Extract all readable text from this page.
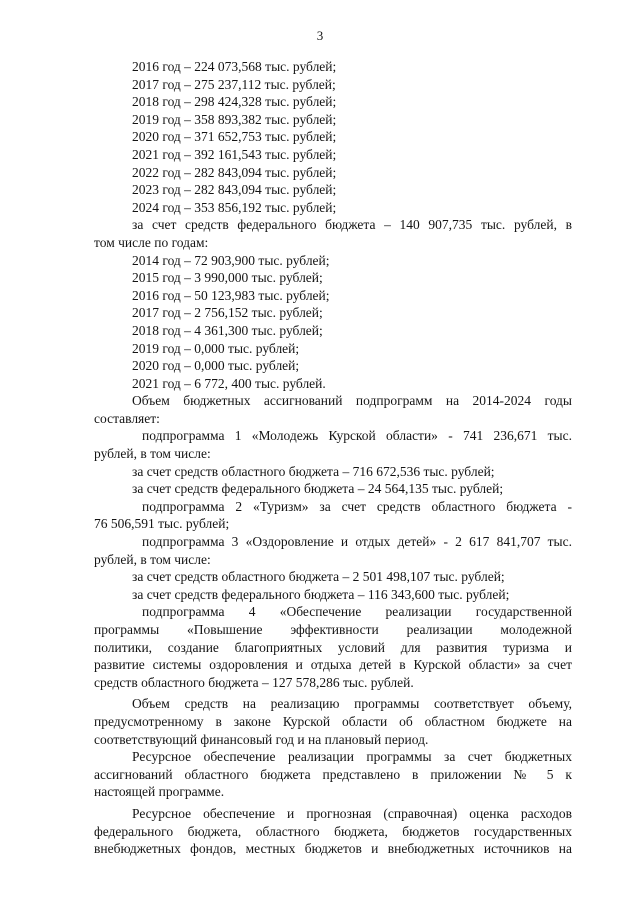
3
2016 год – 224 073,568 тыс. рублей;
2017 год – 275 237,112 тыс. рублей;
2018 год – 298 424,328 тыс. рублей;
2019 год – 358 893,382 тыс. рублей;
2020 год – 371 652,753 тыс. рублей;
2021 год – 392 161,543 тыс. рублей;
2022 год – 282 843,094 тыс. рублей;
2023 год – 282 843,094 тыс. рублей;
2024 год – 353 856,192 тыс. рублей;
за счет средств федерального бюджета – 140 907,735 тыс. рублей, в
том числе по годам:
2014 год – 72 903,900 тыс. рублей;
2015 год – 3 990,000 тыс. рублей;
2016 год – 50 123,983 тыс. рублей;
2017 год – 2 756,152 тыс. рублей;
2018 год – 4 361,300 тыс. рублей;
2019 год – 0,000 тыс. рублей;
2020 год – 0,000 тыс. рублей;
2021 год – 6 772, 400 тыс. рублей.
Объем бюджетных ассигнований подпрограмм на 2014-2024 годы
составляет:
подпрограмма 1 «Молодежь Курской области» - 741 236,671 тыс.
рублей, в том числе:
за счет средств областного бюджета – 716 672,536 тыс. рублей;
за счет средств федерального бюджета – 24 564,135 тыс. рублей;
подпрограмма 2 «Туризм» за счет средств областного бюджета -
76 506,591 тыс. рублей;
подпрограмма 3 «Оздоровление и отдых детей» - 2 617 841,707 тыс.
рублей, в том числе:
за счет средств областного бюджета – 2 501 498,107 тыс. рублей;
за счет средств федерального бюджета – 116 343,600 тыс. рублей;
подпрограмма 4 «Обеспечение реализации государственной
программы «Повышение эффективности реализации молодежной
политики, создание благоприятных условий для развития туризма и
развитие системы оздоровления и отдыха детей в Курской области» за счет
средств областного бюджета – 127 578,286 тыс. рублей.
Объем средств на реализацию программы соответствует объему,
предусмотренному в законе Курской области об областном бюджете на
соответствующий финансовый год и на плановый период.
Ресурсное обеспечение реализации программы за счет бюджетных
ассигнований областного бюджета представлено в приложении № 5 к
настоящей программе.
Ресурсное обеспечение и прогнозная (справочная) оценка расходов
федерального бюджета, областного бюджета, бюджетов государственных
внебюджетных фондов, местных бюджетов и внебюджетных источников на
